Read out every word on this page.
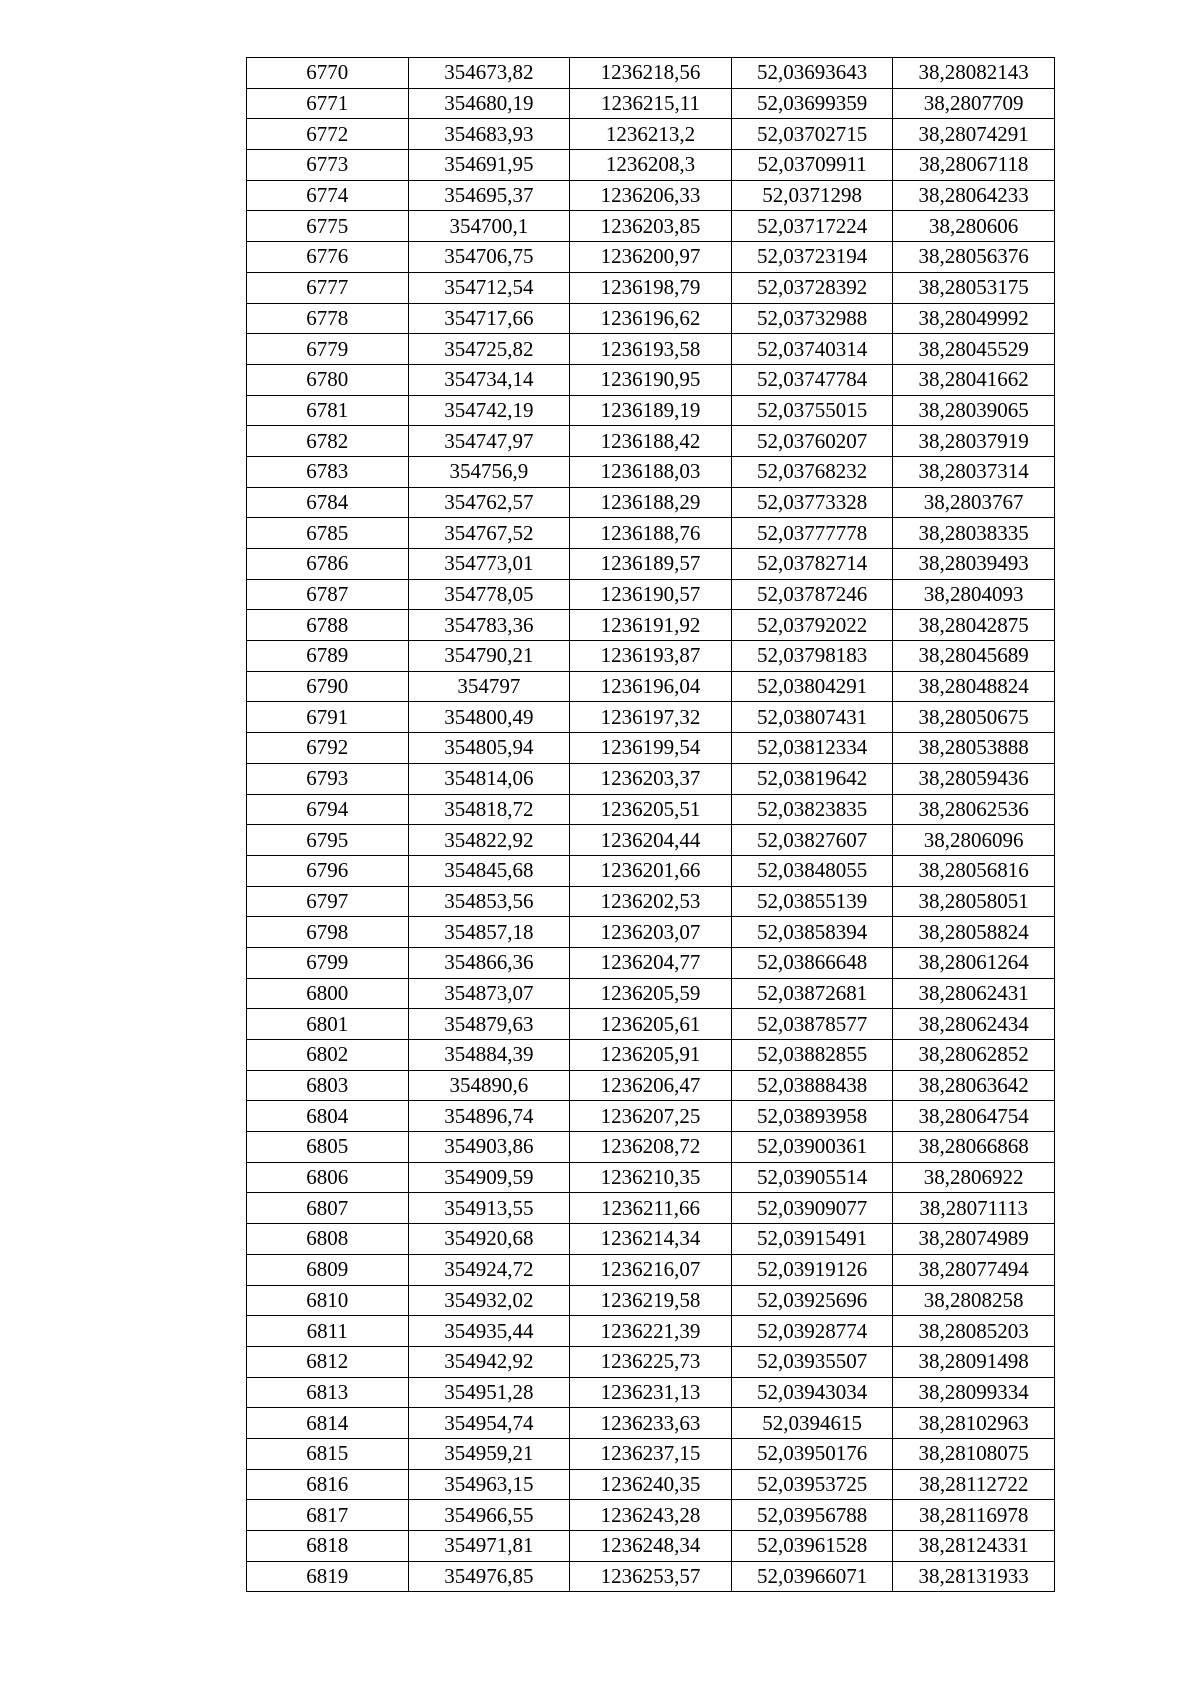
6770	354673,82	1236218,56	52,03693643	38,28082143
6771	354680,19	1236215,11	52,03699359	38,2807709
6772	354683,93	1236213,2	52,03702715	38,28074291
6773	354691,95	1236208,3	52,03709911	38,28067118
6774	354695,37	1236206,33	52,0371298	38,28064233
6775	354700,1	1236203,85	52,03717224	38,280606
6776	354706,75	1236200,97	52,03723194	38,28056376
6777	354712,54	1236198,79	52,03728392	38,28053175
6778	354717,66	1236196,62	52,03732988	38,28049992
6779	354725,82	1236193,58	52,03740314	38,28045529
6780	354734,14	1236190,95	52,03747784	38,28041662
6781	354742,19	1236189,19	52,03755015	38,28039065
6782	354747,97	1236188,42	52,03760207	38,28037919
6783	354756,9	1236188,03	52,03768232	38,28037314
6784	354762,57	1236188,29	52,03773328	38,2803767
6785	354767,52	1236188,76	52,03777778	38,28038335
6786	354773,01	1236189,57	52,03782714	38,28039493
6787	354778,05	1236190,57	52,03787246	38,2804093
6788	354783,36	1236191,92	52,03792022	38,28042875
6789	354790,21	1236193,87	52,03798183	38,28045689
6790	354797	1236196,04	52,03804291	38,28048824
6791	354800,49	1236197,32	52,03807431	38,28050675
6792	354805,94	1236199,54	52,03812334	38,28053888
6793	354814,06	1236203,37	52,03819642	38,28059436
6794	354818,72	1236205,51	52,03823835	38,28062536
6795	354822,92	1236204,44	52,03827607	38,2806096
6796	354845,68	1236201,66	52,03848055	38,28056816
6797	354853,56	1236202,53	52,03855139	38,28058051
6798	354857,18	1236203,07	52,03858394	38,28058824
6799	354866,36	1236204,77	52,03866648	38,28061264
6800	354873,07	1236205,59	52,03872681	38,28062431
6801	354879,63	1236205,61	52,03878577	38,28062434
6802	354884,39	1236205,91	52,03882855	38,28062852
6803	354890,6	1236206,47	52,03888438	38,28063642
6804	354896,74	1236207,25	52,03893958	38,28064754
6805	354903,86	1236208,72	52,03900361	38,28066868
6806	354909,59	1236210,35	52,03905514	38,2806922
6807	354913,55	1236211,66	52,03909077	38,28071113
6808	354920,68	1236214,34	52,03915491	38,28074989
6809	354924,72	1236216,07	52,03919126	38,28077494
6810	354932,02	1236219,58	52,03925696	38,2808258
6811	354935,44	1236221,39	52,03928774	38,28085203
6812	354942,92	1236225,73	52,03935507	38,28091498
6813	354951,28	1236231,13	52,03943034	38,28099334
6814	354954,74	1236233,63	52,0394615	38,28102963
6815	354959,21	1236237,15	52,03950176	38,28108075
6816	354963,15	1236240,35	52,03953725	38,28112722
6817	354966,55	1236243,28	52,03956788	38,28116978
6818	354971,81	1236248,34	52,03961528	38,28124331
6819	354976,85	1236253,57	52,03966071	38,28131933
